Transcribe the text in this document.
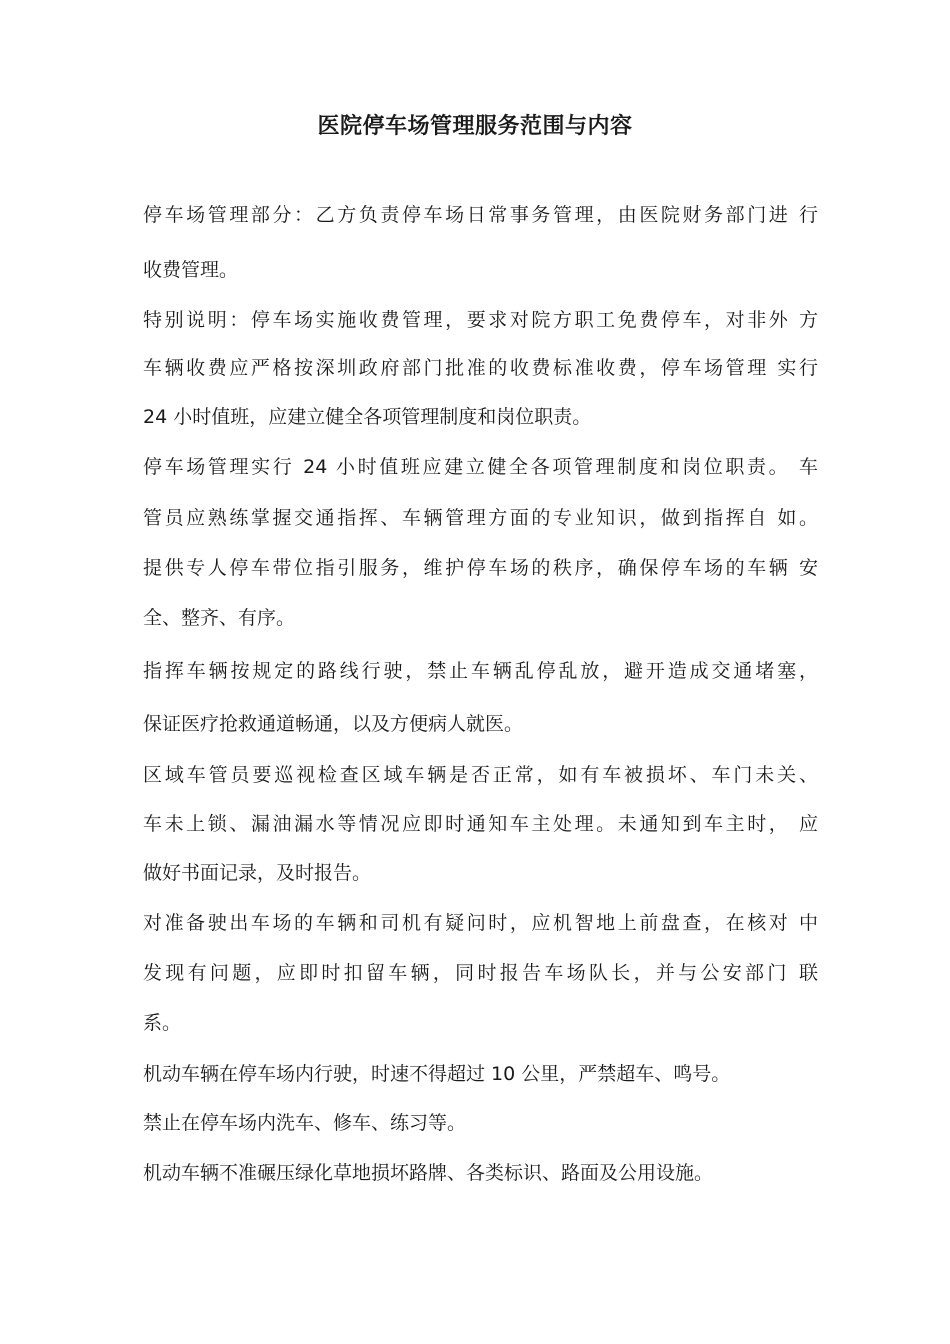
医院停车场管理服务范围与内容
停车场管理部分：乙方负责停车场日常事务管理，由医院财务部门进 行
收费管理。
特别说明：停车场实施收费管理，要求对院方职工免费停车，对非外 方
车辆收费应严格按深圳政府部门批准的收费标准收费，停车场管理 实行
24 小时值班，应建立健全各项管理制度和岗位职责。
停车场管理实行 24 小时值班应建立健全各项管理制度和岗位职责。 车
管员应熟练掌握交通指挥、车辆管理方面的专业知识，做到指挥自 如。
提供专人停车带位指引服务，维护停车场的秩序，确保停车场的车辆 安
全、整齐、有序。
指挥车辆按规定的路线行驶，禁止车辆乱停乱放，避开造成交通堵塞，
保证医疗抢救通道畅通，以及方便病人就医。
区域车管员要巡视检查区域车辆是否正常，如有车被损坏、车门未关、
车未上锁、漏油漏水等情况应即时通知车主处理。未通知到车主时， 应
做好书面记录，及时报告。
对准备驶出车场的车辆和司机有疑问时，应机智地上前盘查，在核对 中
发现有问题，应即时扣留车辆，同时报告车场队长，并与公安部门 联
系。
机动车辆在停车场内行驶，时速不得超过 10 公里，严禁超车、鸣号。
禁止在停车场内洗车、修车、练习等。
机动车辆不准碾压绿化草地损坏路牌、各类标识、路面及公用设施。
